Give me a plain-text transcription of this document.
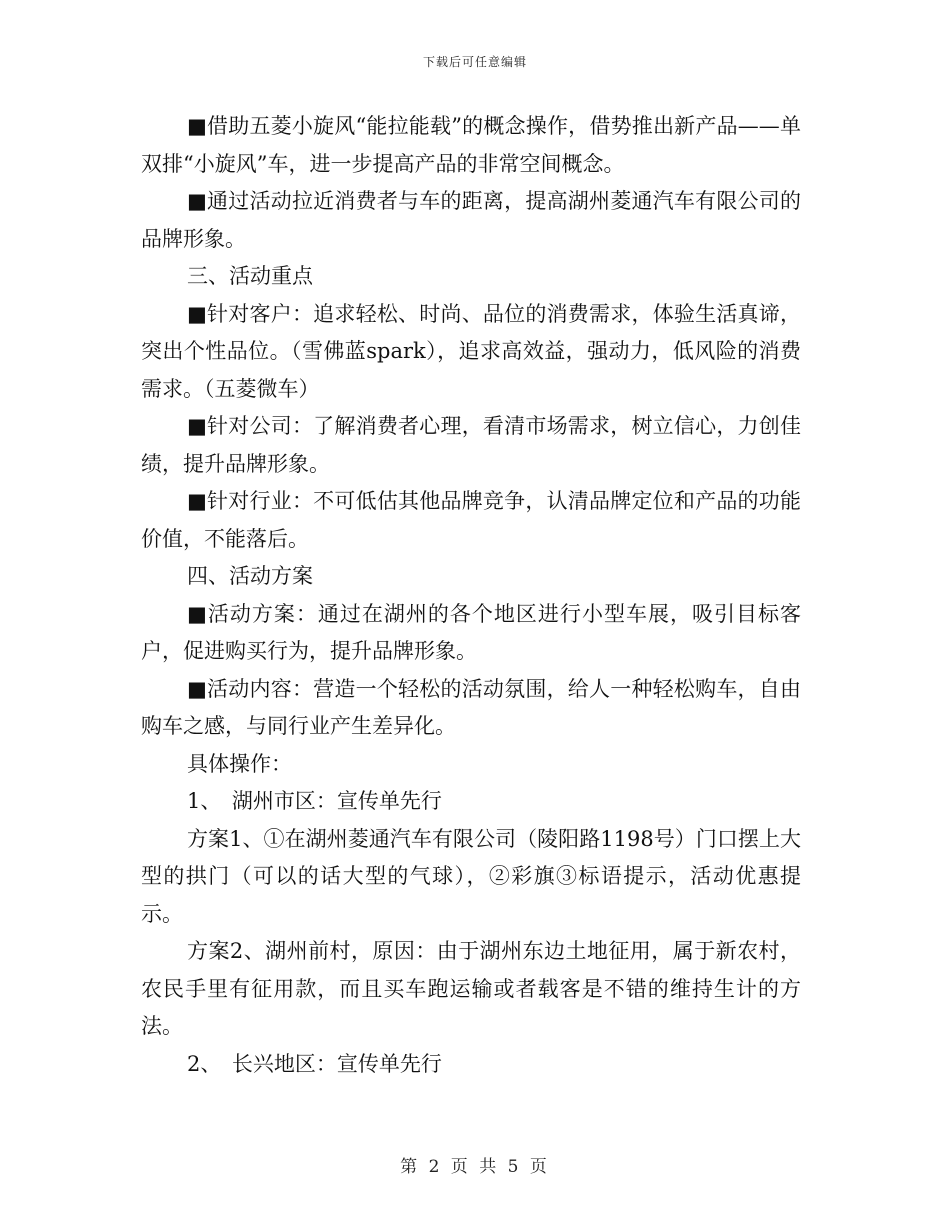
下载后可任意编辑

■借助五菱小旋风“能拉能载”的概念操作，借势推出新产品——单双排“小旋风”车，进一步提高产品的非常空间概念。

■通过活动拉近消费者与车的距离，提高湖州菱通汽车有限公司的品牌形象。

三、活动重点

■针对客户：追求轻松、时尚、品位的消费需求，体验生活真谛，突出个性品位。（雪佛蓝spark），追求高效益，强动力，低风险的消费需求。（五菱微车）

■针对公司：了解消费者心理，看清市场需求，树立信心，力创佳绩，提升品牌形象。

■针对行业：不可低估其他品牌竞争，认清品牌定位和产品的功能价值，不能落后。

四、活动方案

■活动方案：通过在湖州的各个地区进行小型车展，吸引目标客户，促进购买行为，提升品牌形象。

■活动内容：营造一个轻松的活动氛围，给人一种轻松购车，自由购车之感，与同行业产生差异化。

具体操作：

1、　湖州市区：宣传单先行

方案1、①在湖州菱通汽车有限公司（陵阳路1198号）门口摆上大型的拱门（可以的话大型的气球），②彩旗③标语提示，活动优惠提示。

方案2、湖州前村，原因：由于湖州东边土地征用，属于新农村，农民手里有征用款，而且买车跑运输或者载客是不错的维持生计的方法。

2、　长兴地区：宣传单先行

第 2 页 共 5 页
